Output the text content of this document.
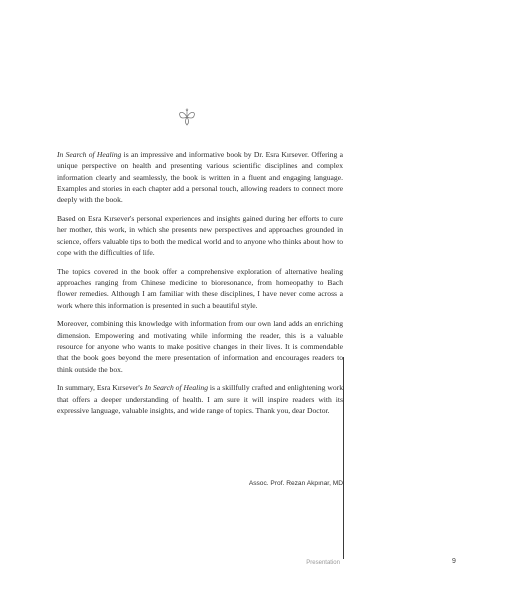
In Search of Healing is an impressive and informative book by Dr. Esra Kırsever. Offering a unique perspective on health and presenting various scientific disciplines and complex information clearly and seamlessly, the book is written in a fluent and engaging language. Examples and stories in each chapter add a personal touch, allowing readers to connect more deeply with the book.

Based on Esra Kırsever's personal experiences and insights gained during her efforts to cure her mother, this work, in which she presents new perspectives and approaches grounded in science, offers valuable tips to both the medical world and to anyone who thinks about how to cope with the difficulties of life.

The topics covered in the book offer a comprehensive exploration of alternative healing approaches ranging from Chinese medicine to bioresonance, from homeopathy to Bach flower remedies. Although I am familiar with these disciplines, I have never come across a work where this information is presented in such a beautiful style.

Moreover, combining this knowledge with information from our own land adds an enriching dimension. Empowering and motivating while informing the reader, this is a valuable resource for anyone who wants to make positive changes in their lives. It is commendable that the book goes beyond the mere presentation of information and encourages readers to think outside the box.

In summary, Esra Kırsever's In Search of Healing is a skillfully crafted and enlightening work that offers a deeper understanding of health. I am sure it will inspire readers with its expressive language, valuable insights, and wide range of topics. Thank you, dear Doctor.

Assoc. Prof. Rezan Akpınar, MD
Presentation	9
